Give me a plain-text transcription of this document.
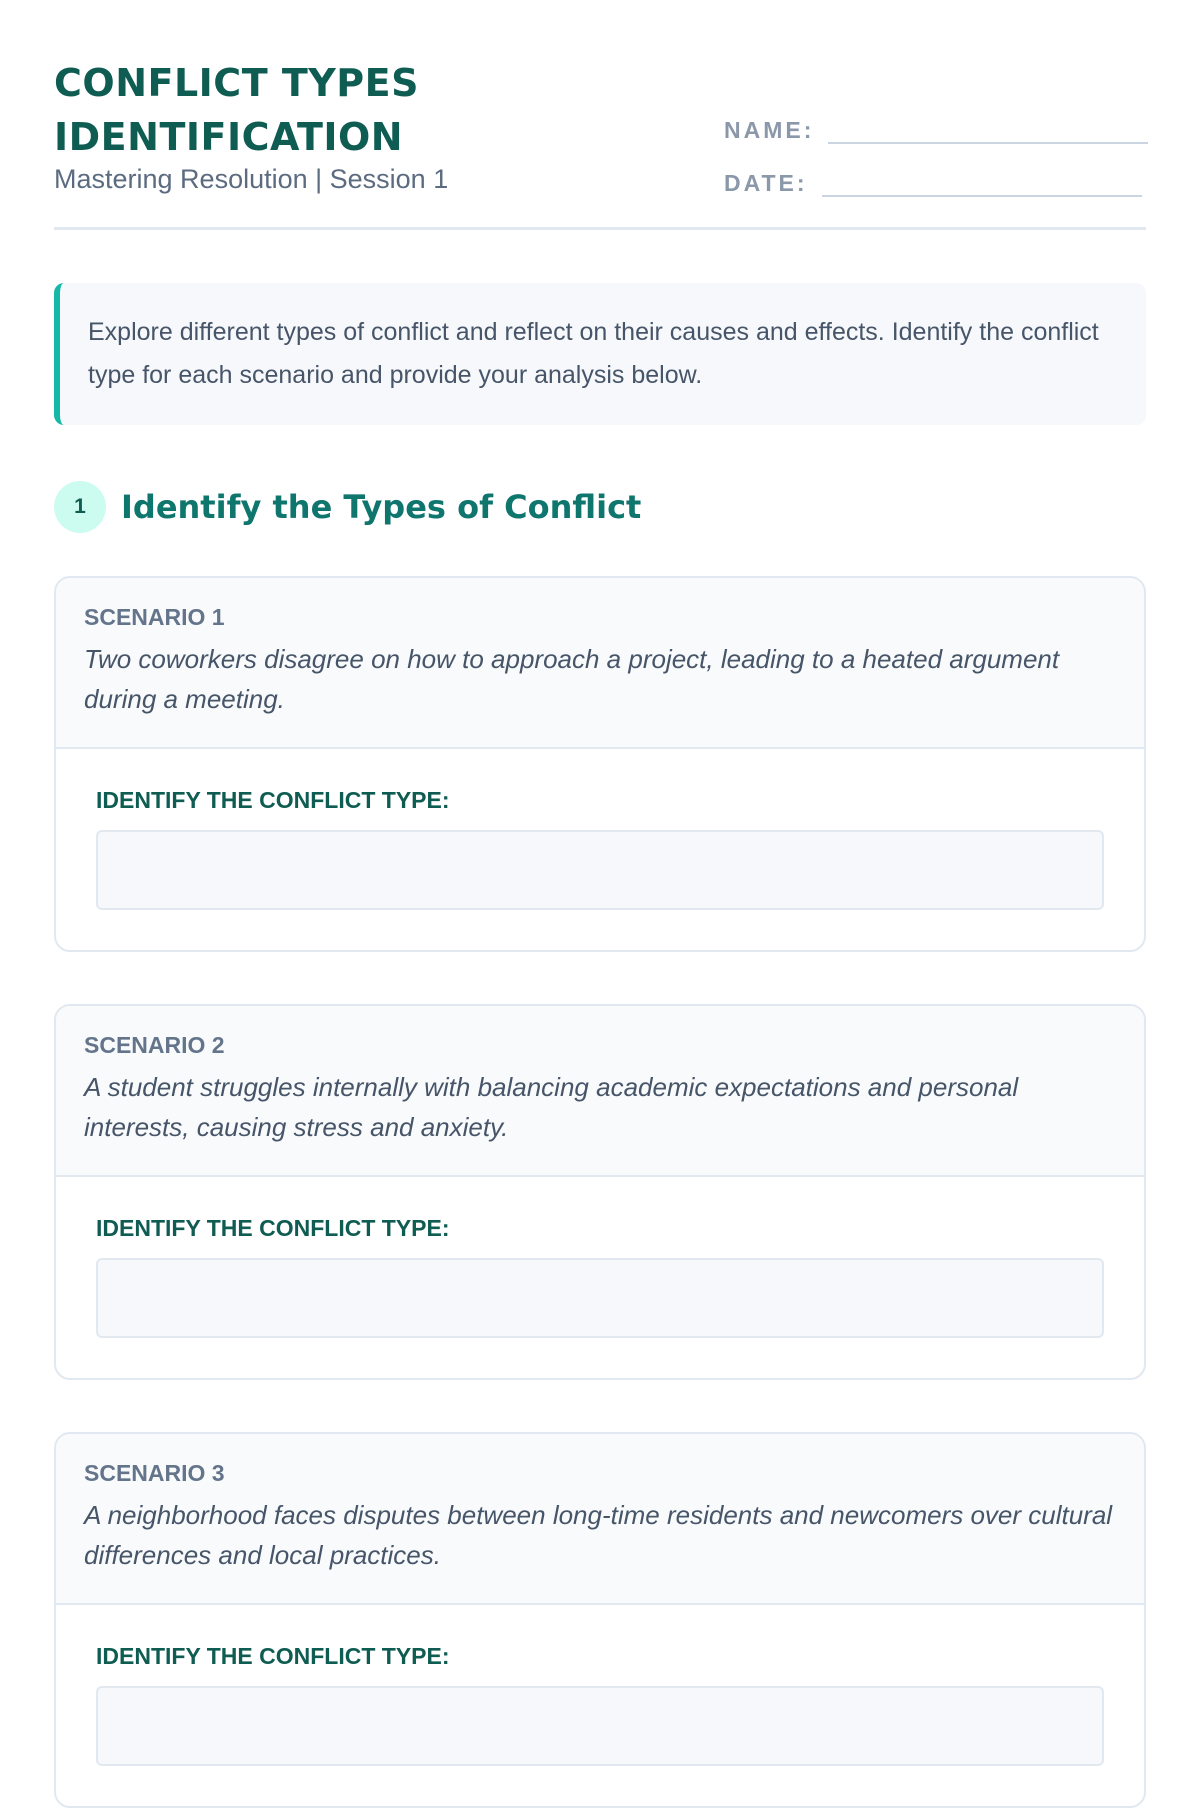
CONFLICT TYPES
IDENTIFICATION
Mastering Resolution | Session 1
NAME:
DATE:
Explore different types of conflict and reflect on their causes and effects. Identify the conflict type for each scenario and provide your analysis below.
1	Identify the Types of Conflict
SCENARIO 1
Two coworkers disagree on how to approach a project, leading to a heated argument during a meeting.
IDENTIFY THE CONFLICT TYPE:
SCENARIO 2
A student struggles internally with balancing academic expectations and personal interests, causing stress and anxiety.
IDENTIFY THE CONFLICT TYPE:
SCENARIO 3
A neighborhood faces disputes between long-time residents and newcomers over cultural differences and local practices.
IDENTIFY THE CONFLICT TYPE:
